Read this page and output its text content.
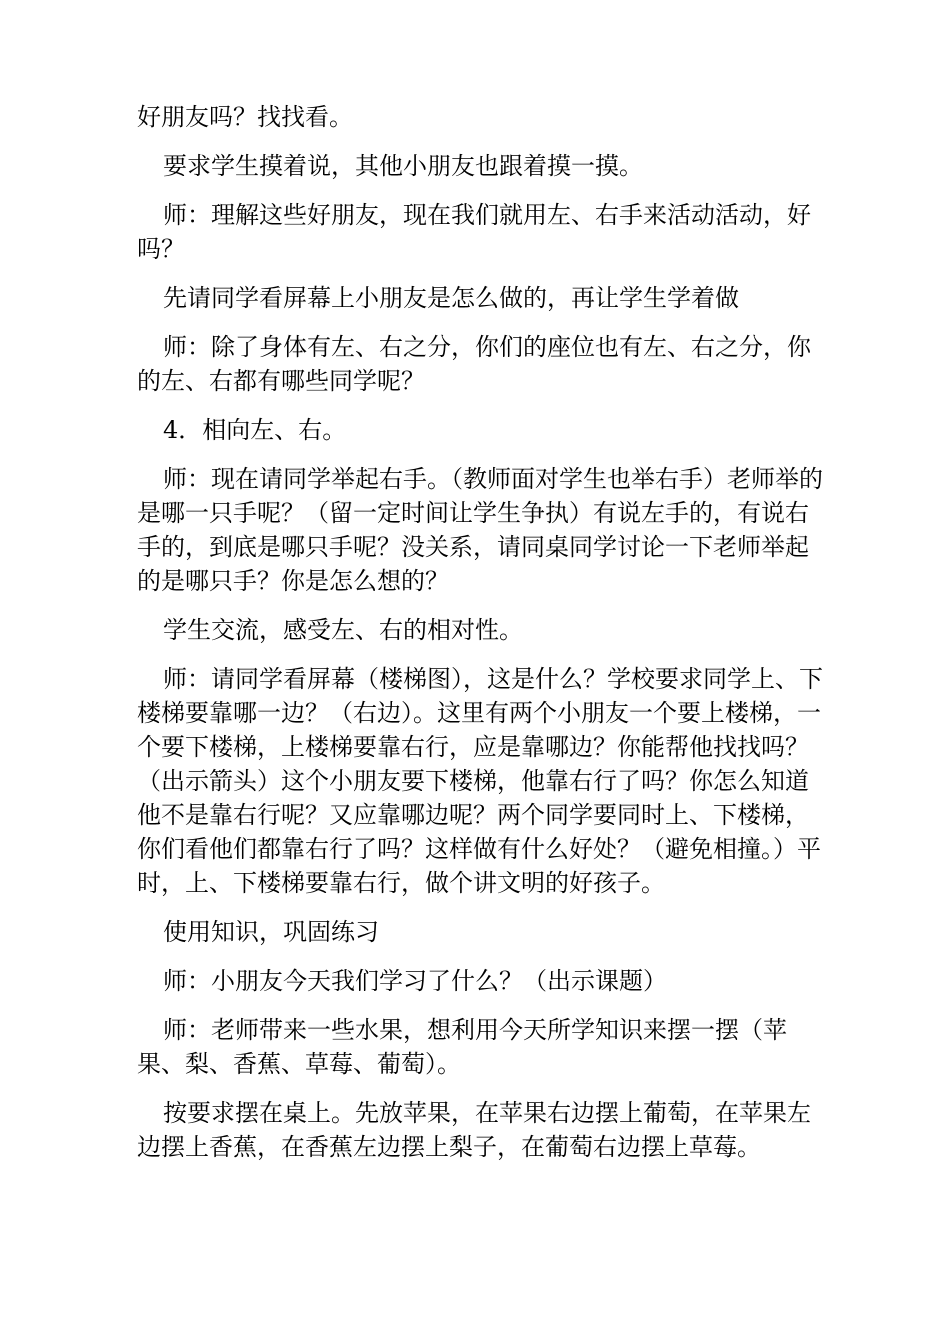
好朋友吗？找找看。

要求学生摸着说，其他小朋友也跟着摸一摸。

师：理解这些好朋友，现在我们就用左、右手来活动活动，好吗？

先请同学看屏幕上小朋友是怎么做的，再让学生学着做

师：除了身体有左、右之分，你们的座位也有左、右之分，你的左、右都有哪些同学呢？

4．相向左、右。

师：现在请同学举起右手。（教师面对学生也举右手）老师举的是哪一只手呢？（留一定时间让学生争执）有说左手的，有说右手的，到底是哪只手呢？没关系，请同桌同学讨论一下老师举起的是哪只手？你是怎么想的？

学生交流，感受左、右的相对性。

师：请同学看屏幕（楼梯图），这是什么？学校要求同学上、下楼梯要靠哪一边？（右边）。这里有两个小朋友一个要上楼梯，一个要下楼梯，上楼梯要靠右行，应是靠哪边？你能帮他找找吗？（出示箭头）这个小朋友要下楼梯，他靠右行了吗？你怎么知道他不是靠右行呢？又应靠哪边呢？两个同学要同时上、下楼梯，你们看他们都靠右行了吗？这样做有什么好处？（避免相撞。）平时，上、下楼梯要靠右行，做个讲文明的好孩子。

使用知识，巩固练习

师：小朋友今天我们学习了什么？（出示课题）

师：老师带来一些水果，想利用今天所学知识来摆一摆（苹果、梨、香蕉、草莓、葡萄）。

按要求摆在桌上。先放苹果，在苹果右边摆上葡萄，在苹果左边摆上香蕉，在香蕉左边摆上梨子，在葡萄右边摆上草莓。
